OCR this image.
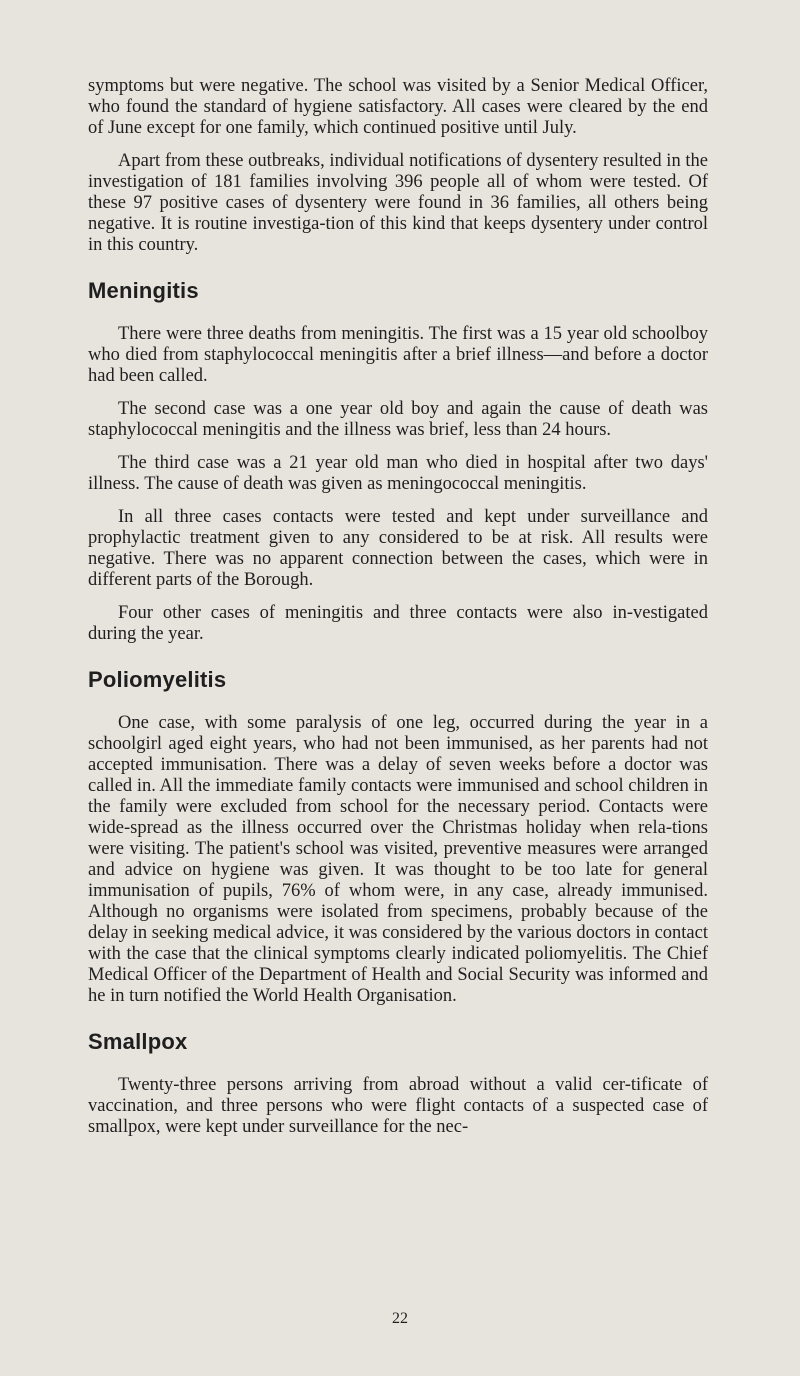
symptoms but were negative. The school was visited by a Senior Medical Officer, who found the standard of hygiene satisfactory. All cases were cleared by the end of June except for one family, which continued positive until July.

Apart from these outbreaks, individual notifications of dysentery resulted in the investigation of 181 families involving 396 people all of whom were tested. Of these 97 positive cases of dysentery were found in 36 families, all others being negative. It is routine investiga-tion of this kind that keeps dysentery under control in this country.

Meningitis

There were three deaths from meningitis. The first was a 15 year old schoolboy who died from staphylococcal meningitis after a brief illness—and before a doctor had been called.

The second case was a one year old boy and again the cause of death was staphylococcal meningitis and the illness was brief, less than 24 hours.

The third case was a 21 year old man who died in hospital after two days' illness. The cause of death was given as meningococcal meningitis.

In all three cases contacts were tested and kept under surveillance and prophylactic treatment given to any considered to be at risk. All results were negative. There was no apparent connection between the cases, which were in different parts of the Borough.

Four other cases of meningitis and three contacts were also in-vestigated during the year.

Poliomyelitis

One case, with some paralysis of one leg, occurred during the year in a schoolgirl aged eight years, who had not been immunised, as her parents had not accepted immunisation. There was a delay of seven weeks before a doctor was called in. All the immediate family contacts were immunised and school children in the family were excluded from school for the necessary period. Contacts were wide-spread as the illness occurred over the Christmas holiday when rela-tions were visiting. The patient's school was visited, preventive measures were arranged and advice on hygiene was given. It was thought to be too late for general immunisation of pupils, 76% of whom were, in any case, already immunised. Although no organisms were isolated from specimens, probably because of the delay in seeking medical advice, it was considered by the various doctors in contact with the case that the clinical symptoms clearly indicated poliomyelitis. The Chief Medical Officer of the Department of Health and Social Security was informed and he in turn notified the World Health Organisation.

Smallpox

Twenty-three persons arriving from abroad without a valid cer-tificate of vaccination, and three persons who were flight contacts of a suspected case of smallpox, were kept under surveillance for the nec-

22
